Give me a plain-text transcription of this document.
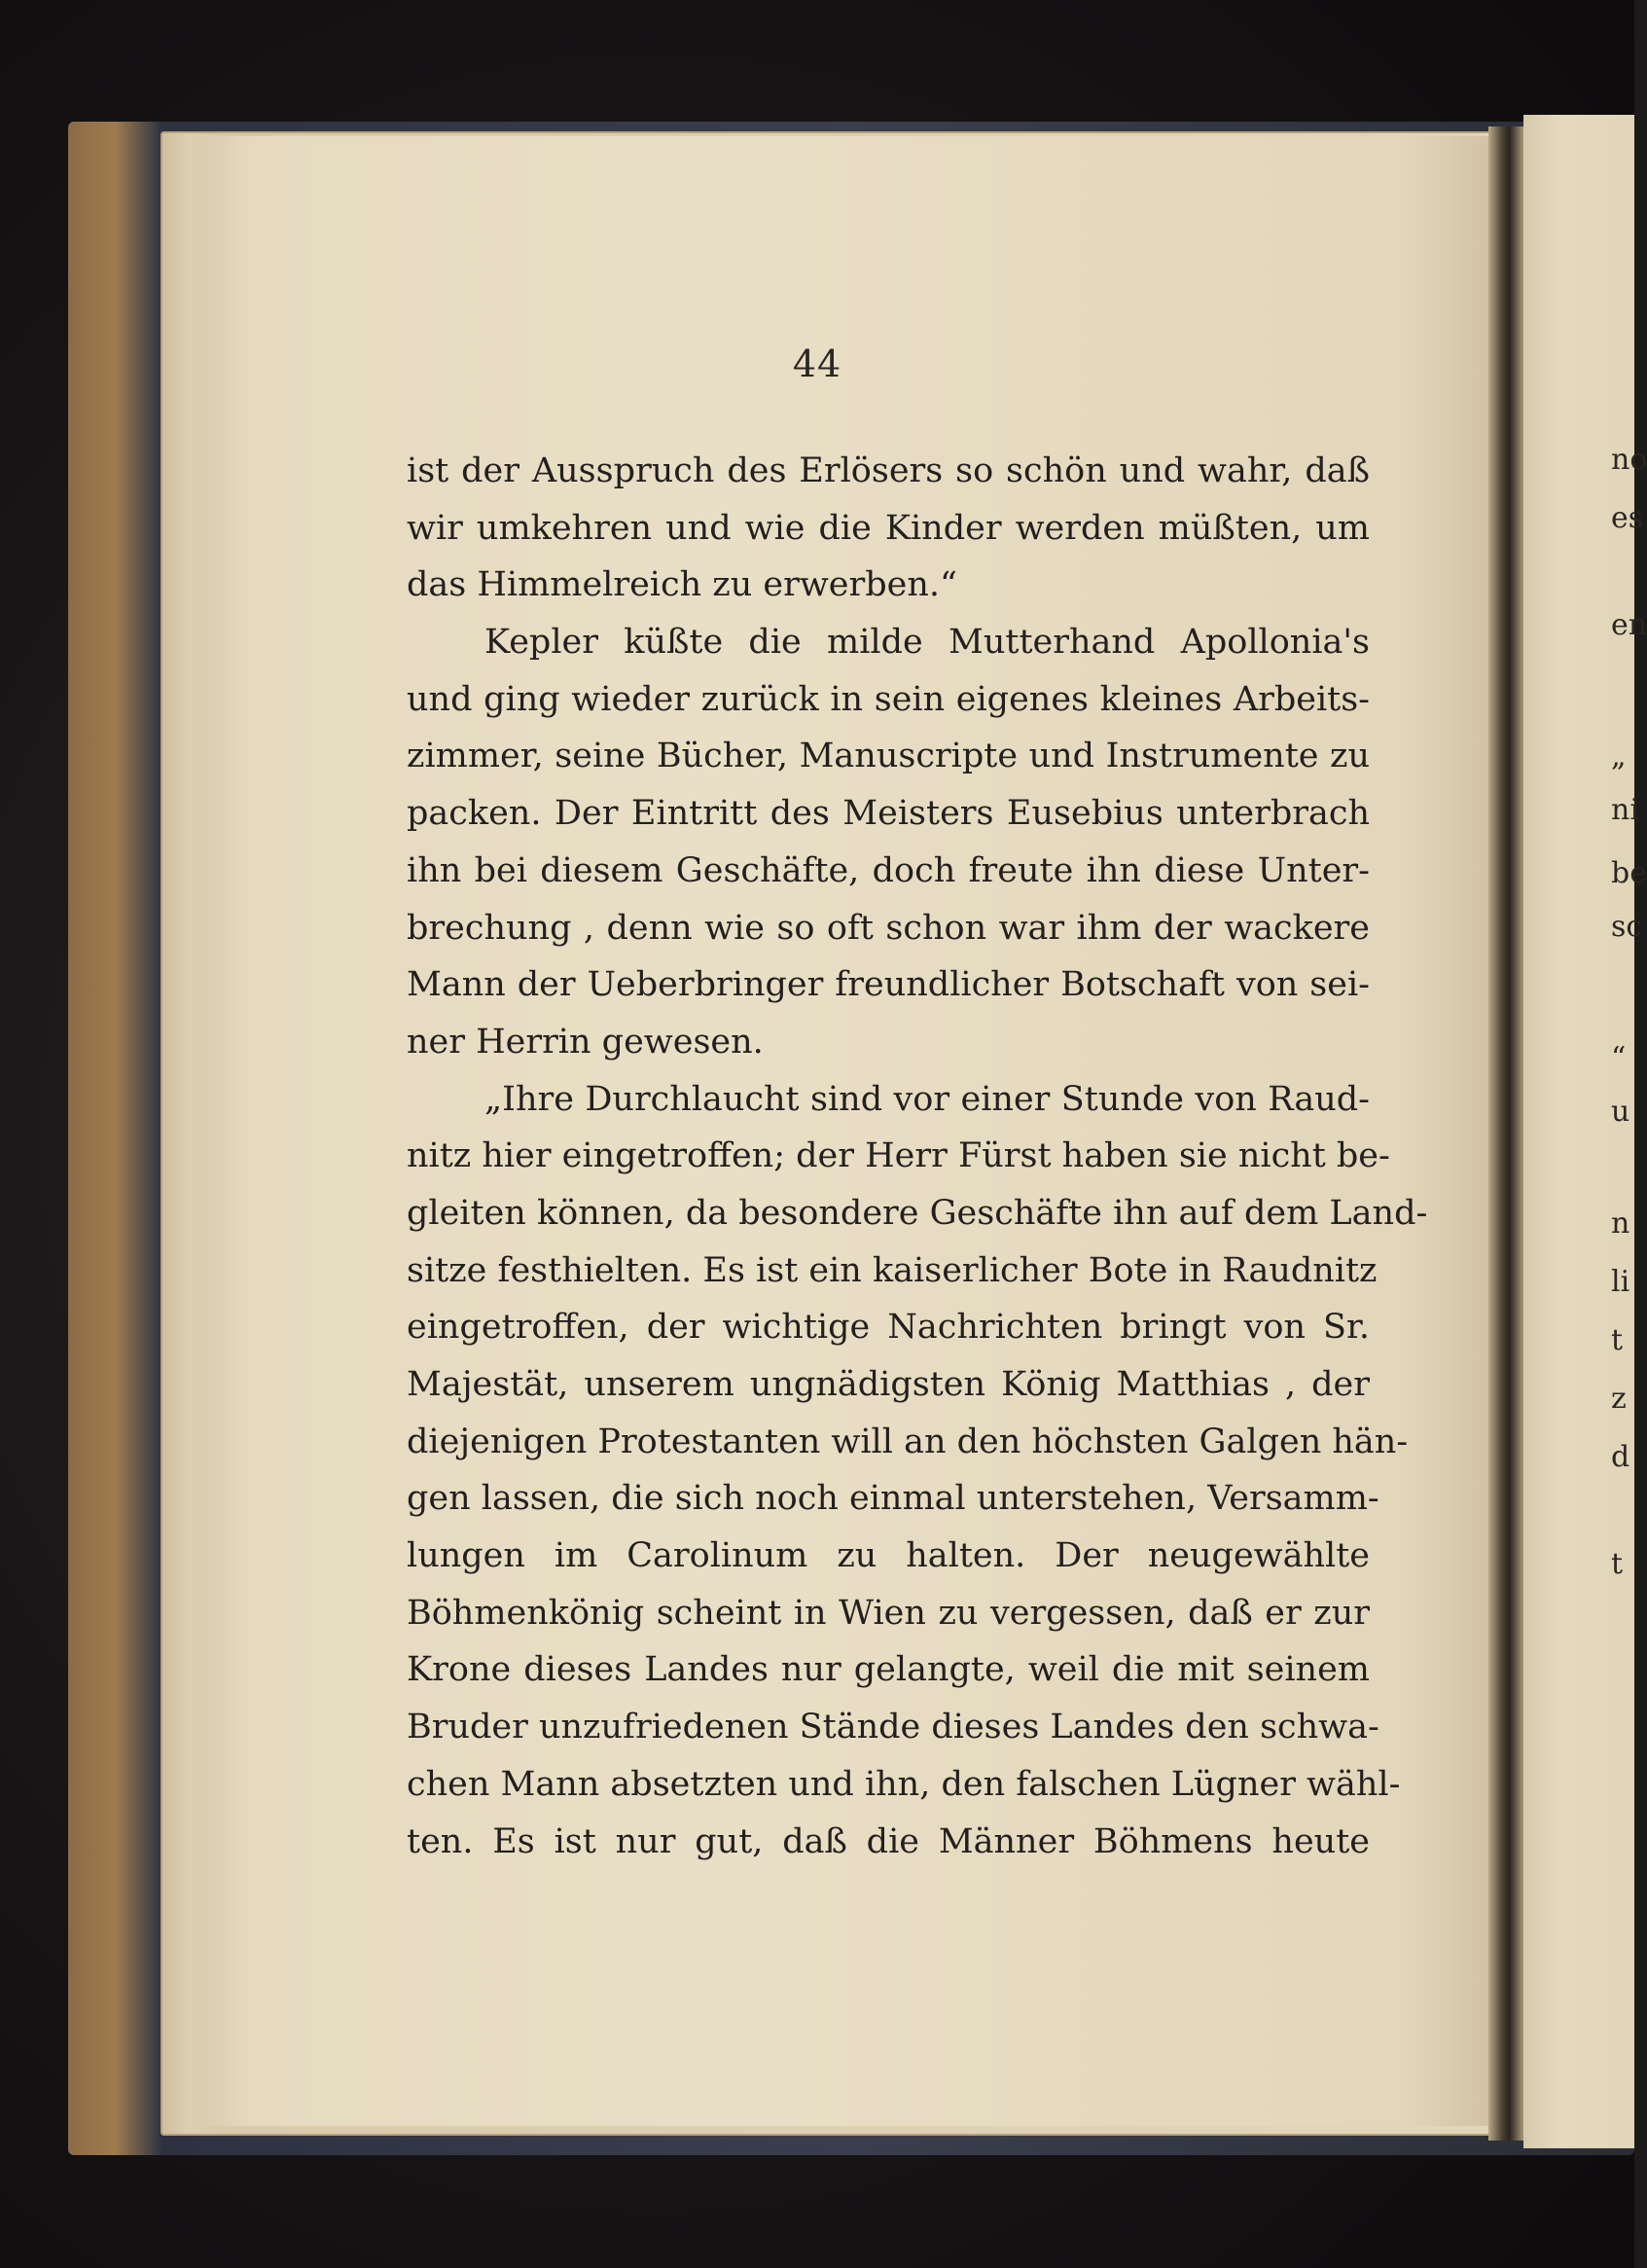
no
es
en
„
ni
be
sc
“
u
n
li
t
z
d
t
44
ist der Ausspruch des Erlösers so schön und wahr, daß
wir umkehren und wie die Kinder werden müßten, um
das Himmelreich zu erwerben.“
Kepler küßte die milde Mutterhand Apollonia's
und ging wieder zurück in sein eigenes kleines Arbeits-
zimmer, seine Bücher, Manuscripte und Instrumente zu
packen. Der Eintritt des Meisters Eusebius unterbrach
ihn bei diesem Geschäfte, doch freute ihn diese Unter-
brechung , denn wie so oft schon war ihm der wackere
Mann der Ueberbringer freundlicher Botschaft von sei-
ner Herrin gewesen.
„Ihre Durchlaucht sind vor einer Stunde von Raud-
nitz hier eingetroffen; der Herr Fürst haben sie nicht be-
gleiten können, da besondere Geschäfte ihn auf dem Land-
sitze festhielten. Es ist ein kaiserlicher Bote in Raudnitz
eingetroffen, der wichtige Nachrichten bringt von Sr.
Majestät, unserem ungnädigsten König Matthias , der
diejenigen Protestanten will an den höchsten Galgen hän-
gen lassen, die sich noch einmal unterstehen, Versamm-
lungen im Carolinum zu halten. Der neugewählte
Böhmenkönig scheint in Wien zu vergessen, daß er zur
Krone dieses Landes nur gelangte, weil die mit seinem
Bruder unzufriedenen Stände dieses Landes den schwa-
chen Mann absetzten und ihn, den falschen Lügner wähl-
ten. Es ist nur gut, daß die Männer Böhmens heute
